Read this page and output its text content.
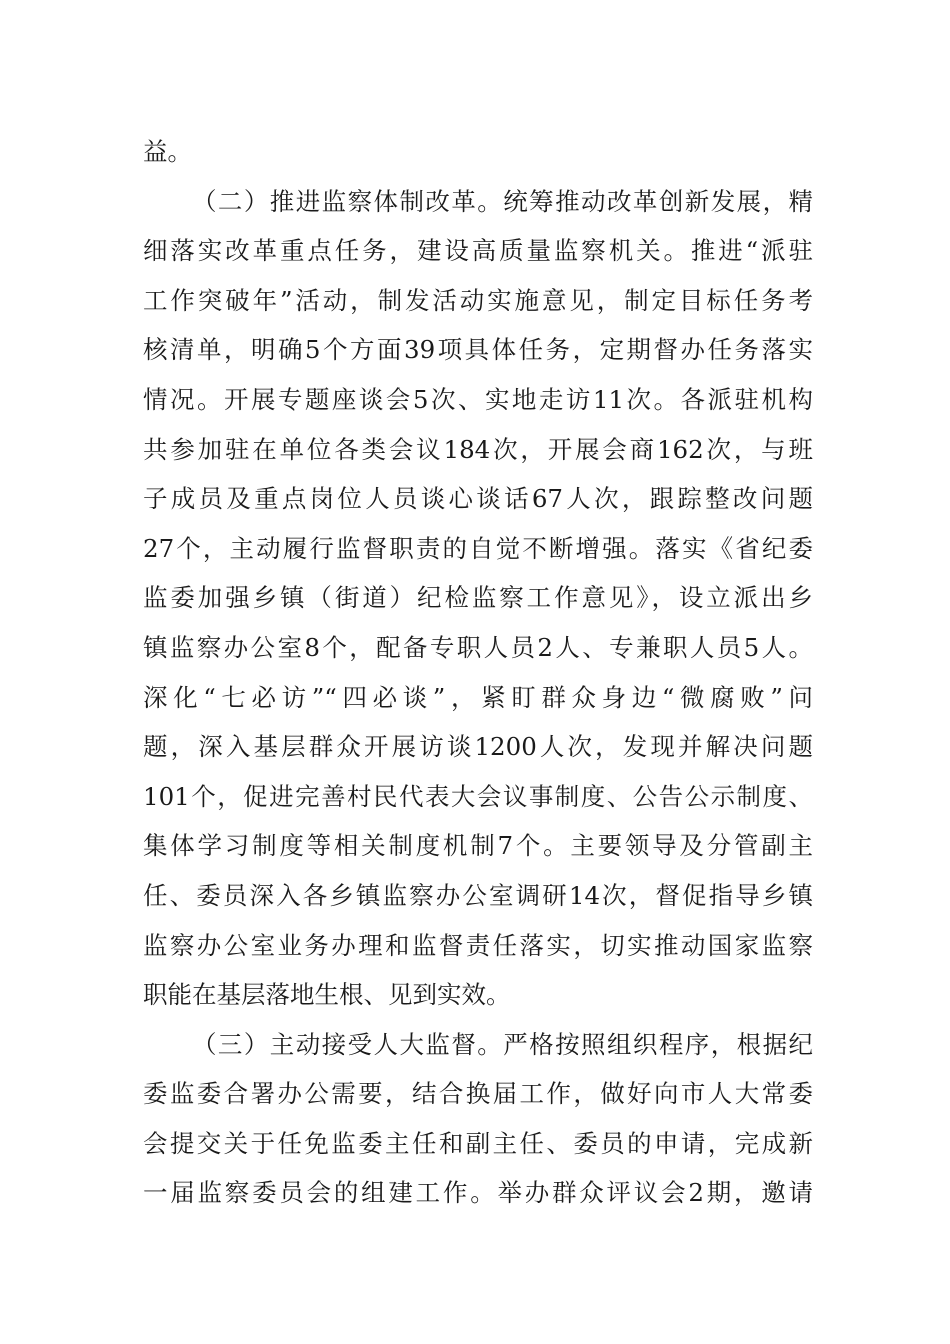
益。

（二）推进监察体制改革。统筹推动改革创新发展，精

细落实改革重点任务，建设高质量监察机关。推进“派驻

工作突破年”活动，制发活动实施意见，制定目标任务考

核清单，明确5个方面39项具体任务，定期督办任务落实

情况。开展专题座谈会5次、实地走访11次。各派驻机构

共参加驻在单位各类会议184次，开展会商162次，与班

子成员及重点岗位人员谈心谈话67人次，跟踪整改问题

27个，主动履行监督职责的自觉不断增强。落实《省纪委

监委加强乡镇（街道）纪检监察工作意见》，设立派出乡

镇监察办公室8个，配备专职人员2人、专兼职人员5人。

深化“七必访”“四必谈”，紧盯群众身边“微腐败”问

题，深入基层群众开展访谈1200人次，发现并解决问题

101个，促进完善村民代表大会议事制度、公告公示制度、

集体学习制度等相关制度机制7个。主要领导及分管副主

任、委员深入各乡镇监察办公室调研14次，督促指导乡镇

监察办公室业务办理和监督责任落实，切实推动国家监察

职能在基层落地生根、见到实效。

（三）主动接受人大监督。严格按照组织程序，根据纪

委监委合署办公需要，结合换届工作，做好向市人大常委

会提交关于任免监委主任和副主任、委员的申请，完成新

一届监察委员会的组建工作。举办群众评议会2期，邀请
